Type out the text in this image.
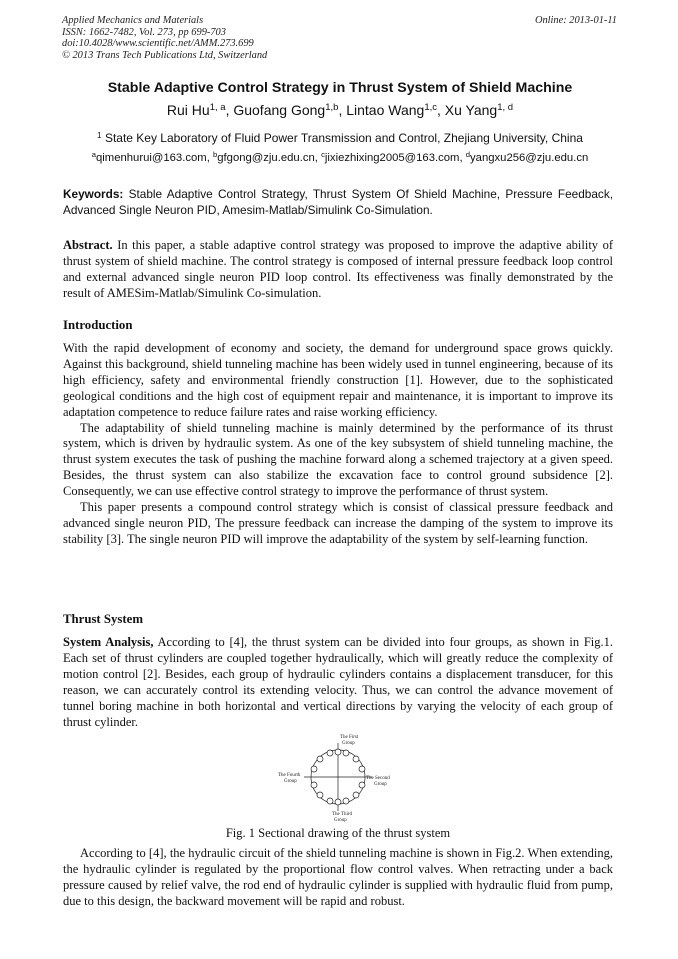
Applied Mechanics and Materials
ISSN: 1662-7482, Vol. 273, pp 699-703
doi:10.4028/www.scientific.net/AMM.273.699
© 2013 Trans Tech Publications Ltd, Switzerland
Online: 2013-01-11
Stable Adaptive Control Strategy in Thrust System of Shield Machine
Rui Hu$^{1, a}$, Guofang Gong$^{1,b}$, Lintao Wang$^{1,c}$, Xu Yang$^{1, d}$
$^1$ State Key Laboratory of Fluid Power Transmission and Control, Zhejiang University, China
$^a$qimenhurui@163.com, $^b$gfgong@zju.edu.cn, $^c$jixiezhixing2005@163.com, $^d$yangxu256@zju.edu.cn
Keywords: Stable Adaptive Control Strategy, Thrust System Of Shield Machine, Pressure Feedback, Advanced Single Neuron PID, Amesim-Matlab/Simulink Co-Simulation.
Abstract. In this paper, a stable adaptive control strategy was proposed to improve the adaptive ability of thrust system of shield machine. The control strategy is composed of internal pressure feedback loop control and external advanced single neuron PID loop control. Its effectiveness was finally demonstrated by the result of AMESim-Matlab/Simulink Co-simulation.
Introduction

With the rapid development of economy and society, the demand for underground space grows quickly. Against this background, shield tunneling machine has been widely used in tunnel engineering, because of its high efficiency, safety and environmental friendly construction [1]. However, due to the sophisticated geological conditions and the high cost of equipment repair and maintenance, it is important to improve its adaptation competence to reduce failure rates and raise working efficiency.

The adaptability of shield tunneling machine is mainly determined by the performance of its thrust system, which is driven by hydraulic system. As one of the key subsystem of shield tunneling machine, the thrust system executes the task of pushing the machine forward along a schemed trajectory at a given speed. Besides, the thrust system can also stabilize the excavation face to control ground subsidence [2]. Consequently, we can use effective control strategy to improve the performance of thrust system.

This paper presents a compound control strategy which is consist of classical pressure feedback and advanced single neuron PID, The pressure feedback can increase the damping of the system to improve its stability [3]. The single neuron PID will improve the adaptability of the system by self-learning function.

Thrust System

System Analysis, According to [4], the thrust system can be divided into four groups, as shown in Fig.1. Each set of thrust cylinders are coupled together hydraulically, which will greatly reduce the complexity of motion control [2]. Besides, each group of hydraulic cylinders contains a displacement transducer, for this reason, we can accurately control its extending velocity. Thus, we can control the advance movement of tunnel boring machine in both horizontal and vertical directions by varying the velocity of each group of thrust cylinder.

The First
Group
The Second
Group
The Third
Group
The Fourth
Group
Fig. 1 Sectional drawing of the thrust system
According to [4], the hydraulic circuit of the shield tunneling machine is shown in Fig.2. When extending, the hydraulic cylinder is regulated by the proportional flow control valves. When retracting under a back pressure caused by relief valve, the rod end of hydraulic cylinder is supplied with hydraulic fluid from pump, due to this design, the backward movement will be rapid and robust.
